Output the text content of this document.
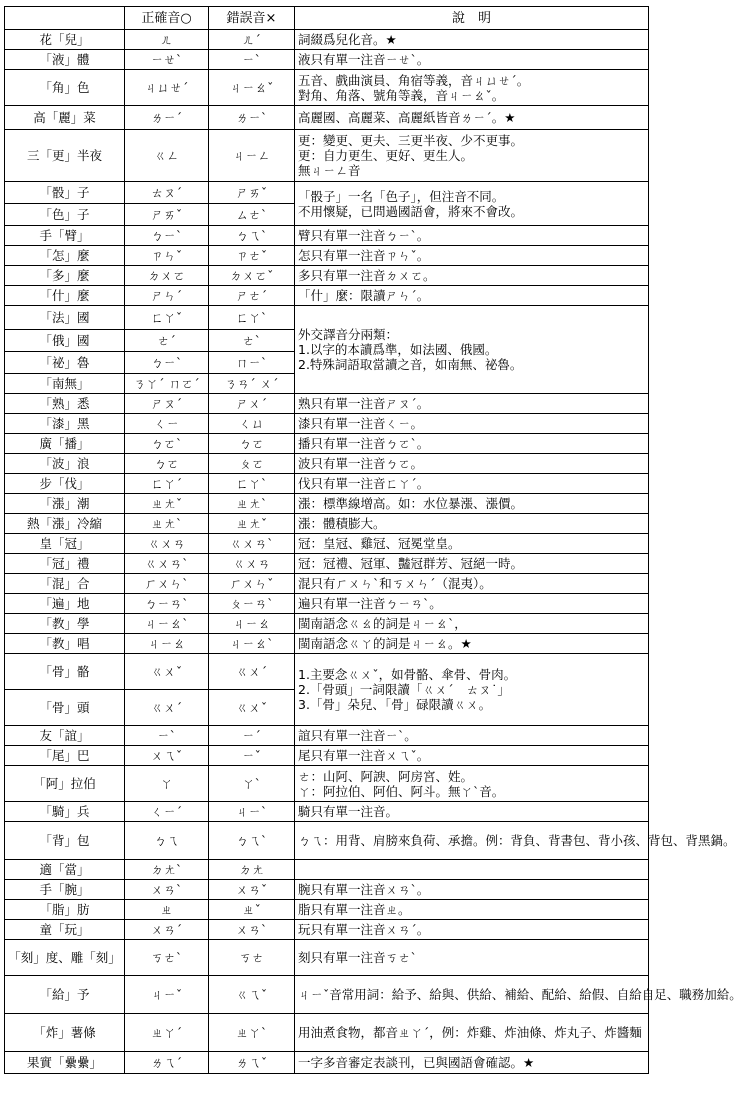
	正確音○	錯誤音×	說　明
花「兒」	ㄦ	ㄦˊ	詞綴爲兒化音。★

「液」體	ㄧㄝˋ	ㄧˋ	液只有單一注音ㄧㄝˋ。

「角」色	ㄐㄩㄝˊ	ㄐㄧㄠˇ	五音、戲曲演員、角宿等義，音ㄐㄩㄝˊ。
對角、角落、號角等義，音ㄐㄧㄠˇ。

高「麗」菜	ㄌㄧˊ	ㄌㄧˋ	高麗國、高麗菜、高麗紙皆音ㄌㄧˊ。★

三「更」半夜	ㄍㄥ	ㄐㄧㄥ	更：變更、更夫、三更半夜、少不更事。
更：自力更生、更好、更生人。
無ㄐㄧㄥ音

「骰」子	ㄊㄡˊ	ㄕㄞˇ	「骰子」一名「色子」，但注音不同。
不用懷疑，已問過國語會，將來不會改。

「色」子	ㄕㄞˇ	ㄙㄜˋ	
手「臂」	ㄅㄧˋ	ㄅㄟˋ	臂只有單一注音ㄅㄧˋ。

「怎」麼	ㄗㄣˇ	ㄗㄜˇ	怎只有單一注音ㄗㄣˇ。

「多」麼	ㄉㄨㄛ	ㄉㄨㄛˇ	多只有單一注音ㄉㄨㄛ。

「什」麼	ㄕㄣˊ	ㄕㄜˊ	「什」麼：限讀ㄕㄣˊ。

「法」國	ㄈㄚˇ	ㄈㄚˋ	外交譯音分兩類：
1.以字的本讀爲準，如法國、俄國。
2.特殊詞語取當讀之音，如南無、祕魯。

「俄」國	ㄜˊ	ㄜˋ	
「祕」魯	ㄅㄧˋ	ㄇㄧˋ	
「南無」	ㄋㄚˊ ㄇㄛˊ	ㄋㄢˊ ㄨˊ	
「熟」悉	ㄕㄡˊ	ㄕㄨˊ	熟只有單一注音ㄕㄡˊ。

「漆」黑	ㄑㄧ	ㄑㄩ	漆只有單一注音ㄑㄧ。

廣「播」	ㄅㄛˋ	ㄅㄛ	播只有單一注音ㄅㄛˋ。

「波」浪	ㄅㄛ	ㄆㄛ	波只有單一注音ㄅㄛ。

步「伐」	ㄈㄚˊ	ㄈㄚˋ	伐只有單一注音ㄈㄚˊ。

「漲」潮	ㄓㄤˇ	ㄓㄤˋ	漲：標準線增高。如：水位暴漲、漲價。

熱「漲」冷縮	ㄓㄤˋ	ㄓㄤˇ	漲：體積膨大。

皇「冠」	ㄍㄨㄢ	ㄍㄨㄢˋ	冠：皇冠、雞冠、冠冕堂皇。

「冠」禮	ㄍㄨㄢˋ	ㄍㄨㄢ	冠：冠禮、冠軍、豔冠群芳、冠絕一時。

「混」合	ㄏㄨㄣˋ	ㄏㄨㄣˇ	混只有ㄏㄨㄣˋ和ㄎㄨㄣˊ（混夷）。

「遍」地	ㄅㄧㄢˋ	ㄆㄧㄢˋ	遍只有單一注音ㄅㄧㄢˋ。

「教」學	ㄐㄧㄠˋ	ㄐㄧㄠ	閩南語念ㄍㄠ的詞是ㄐㄧㄠˋ，

「教」唱	ㄐㄧㄠ	ㄐㄧㄠˋ	閩南語念ㄍㄚ的詞是ㄐㄧㄠ。★

「骨」骼	ㄍㄨˇ	ㄍㄨˊ	1.主要念ㄍㄨˇ，如骨骼、傘骨、骨肉。
2.「骨頭」一詞限讀「ㄍㄨˊ　ㄊㄡ˙」
3.「骨」朵兒、「骨」碌限讀ㄍㄨ。

「骨」頭	ㄍㄨˊ	ㄍㄨˇ	
友「誼」	ㄧˋ	ㄧˊ	誼只有單一注音ㄧˋ。

「尾」巴	ㄨㄟˇ	ㄧˇ	尾只有單一注音ㄨㄟˇ。

「阿」拉伯	ㄚ	ㄚˋ	ㄜ：山阿、阿諛、阿房宮、姓。
ㄚ：阿拉伯、阿伯、阿斗。無ㄚˋ音。

「騎」兵	ㄑㄧˊ	ㄐㄧˋ	騎只有單一注音。

「背」包	ㄅㄟ	ㄅㄟˋ	ㄅㄟ：用背、肩膀來負荷、承擔。例：背負、背書包、背小孩、背包、背黑鍋。

適「當」	ㄉㄤˋ	ㄉㄤ	

手「腕」	ㄨㄢˋ	ㄨㄢˇ	腕只有單一注音ㄨㄢˋ。

「脂」肪	ㄓ	ㄓˇ	脂只有單一注音ㄓ。

童「玩」	ㄨㄢˊ	ㄨㄢˋ	玩只有單一注音ㄨㄢˊ。

「刻」度、雕「刻」	ㄎㄜˋ	ㄎㄜ	刻只有單一注音ㄎㄜˋ

「給」予	ㄐㄧˇ	ㄍㄟˇ	ㄐㄧˇ音常用詞：給予、給與、供給、補給、配給、給假、自給自足、職務加給。

「炸」薯條	ㄓㄚˊ	ㄓㄚˋ	用油煮食物，都音ㄓㄚˊ，例：炸雞、炸油條、炸丸子、炸醬麵

果實「纍纍」	ㄌㄟˊ	ㄌㄟˇ	一字多音審定表談刊，已與國語會確認。★
